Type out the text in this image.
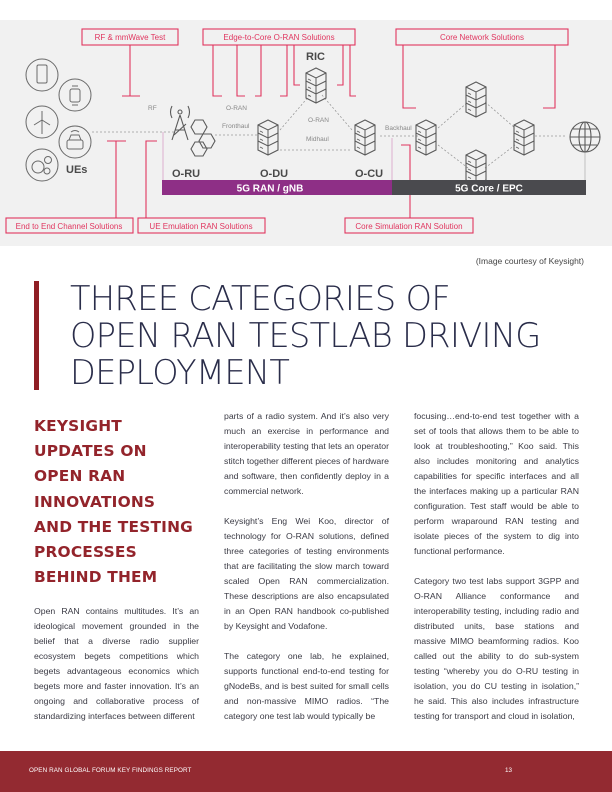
UEs	O-RU	O-DU
RIC
O-CU
RF	O-RAN
Fronthaul
O-RAN
Midhaul
Backhaul
RF & mmWave Test	Edge-to-Core O-RAN Solutions	Core Network Solutions
End to End Channel Solutions	UE Emulation RAN Solutions	Core Simulation RAN Solution
5G RAN / gNB	5G Core / EPC
(Image courtesy of Keysight)
THREE CATEGORIES OF
OPEN RAN TESTLAB DRIVING
DEPLOYMENT
KEYSIGHT
UPDATES ON
OPEN RAN
INNOVATIONS
AND THE TESTING
PROCESSES
BEHIND THEM

Open RAN contains multitudes. It’s an ideological movement grounded in the belief that a diverse radio supplier ecosystem begets competitions which begets advantageous economics which begets more and faster innovation. It’s an ongoing and collaborative process of standardizing interfaces between different

parts of a radio system. And it’s also very much an exercise in performance and interoperability testing that lets an operator stitch together different pieces of hardware and software, then confidently deploy in a commercial network.

Keysight’s Eng Wei Koo, director of technology for O-RAN solutions, defined three categories of testing environments that are facilitating the slow march toward scaled Open RAN commercialization. These descriptions are also encapsulated in an Open RAN handbook co-published by Keysight and Vodafone.

The category one lab, he explained, supports functional end-to-end testing for gNodeBs, and is best suited for small cells and non-massive MIMO radios. “The category one test lab would typically be

focusing…end-to-end test together with a set of tools that allows them to be able to look at troubleshooting,” Koo said. This also includes monitoring and analytics capabilities for specific interfaces and all the interfaces making up a particular RAN configuration. Test staff would be able to perform wraparound RAN testing and isolate pieces of the system to dig into functional performance.

Category two test labs support 3GPP and O-RAN Alliance conformance and interoperability testing, including radio and distributed units, base stations and massive MIMO beamforming radios. Koo called out the ability to do sub-system testing “whereby you do O-RU testing in isolation, you do CU testing in isolation,” he said. This also includes infrastructure testing for transport and cloud in isolation,

OPEN RAN GLOBAL FORUM KEY FINDINGS REPORT	13
